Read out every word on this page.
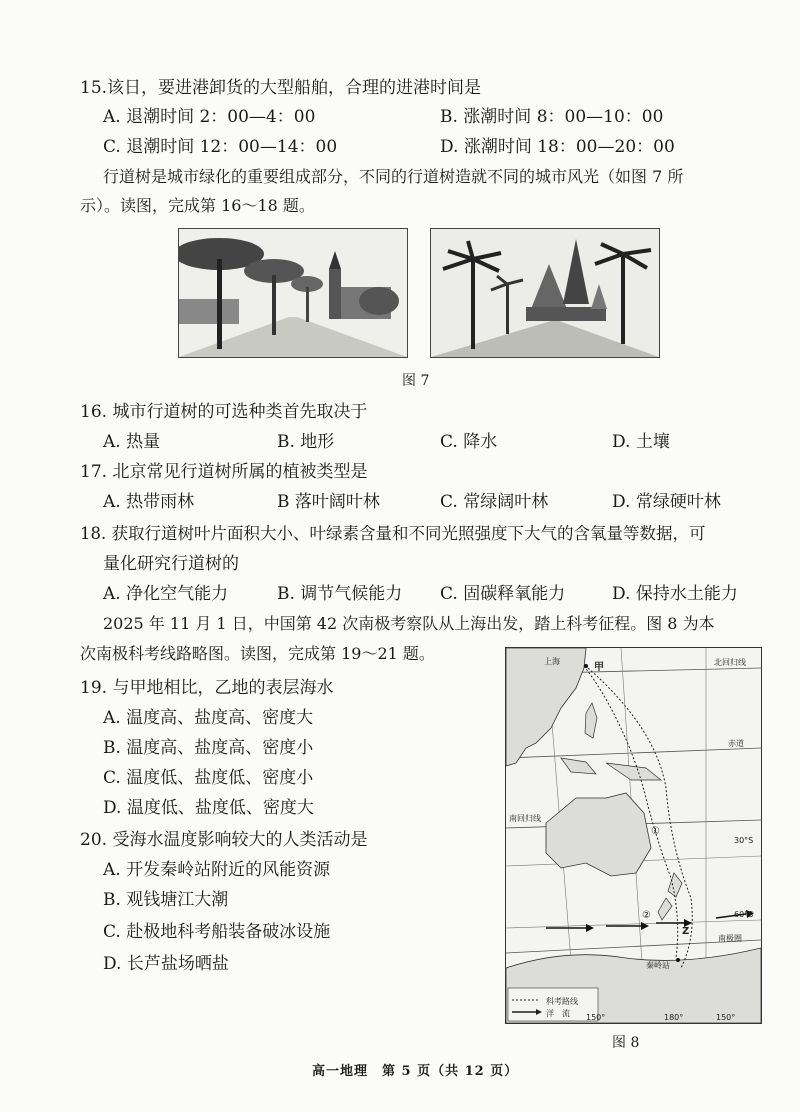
15.该日，要进港卸货的大型船舶，合理的进港时间是
A. 退潮时间 2：00—4：00	B. 涨潮时间 8：00—10：00
C. 退潮时间 12：00—14：00	D. 涨潮时间 18：00—20：00
行道树是城市绿化的重要组成部分，不同的行道树造就不同的城市风光（如图 7 所
示）。读图，完成第 16～18 题。
图 7
16. 城市行道树的可选种类首先取决于
A. 热量	B. 地形	C. 降水	D. 土壤
17. 北京常见行道树所属的植被类型是
A. 热带雨林	B 落叶阔叶林	C. 常绿阔叶林	D. 常绿硬叶林
18. 获取行道树叶片面积大小、叶绿素含量和不同光照强度下大气的含氧量等数据，可
量化研究行道树的
A. 净化空气能力	B. 调节气候能力 C. 固碳释氧能力	D. 保持水土能力
2025 年 11 月 1 日，中国第 42 次南极考察队从上海出发，踏上科考征程。图 8 为本
次南极科考线路略图。读图，完成第 19～21 题。
19. 与甲地相比，乙地的表层海水
A. 温度高、盐度高、密度大
B. 温度高、盐度高、密度小
C. 温度低、盐度低、密度小
D. 温度低、盐度低、密度大
20. 受海水温度影响较大的人类活动是
A. 开发秦岭站附近的风能资源
B. 观钱塘江大潮
C. 赴极地科考船装备破冰设施
D. 长芦盐场晒盐
上海
甲	北回归线
赤道
南回归线
30°S
60°S
南极圈
秦岭站
Z
①
②
科考路线
洋　流 150°	180°	150°
图 8
高一地理　第 5 页（共 12 页）
